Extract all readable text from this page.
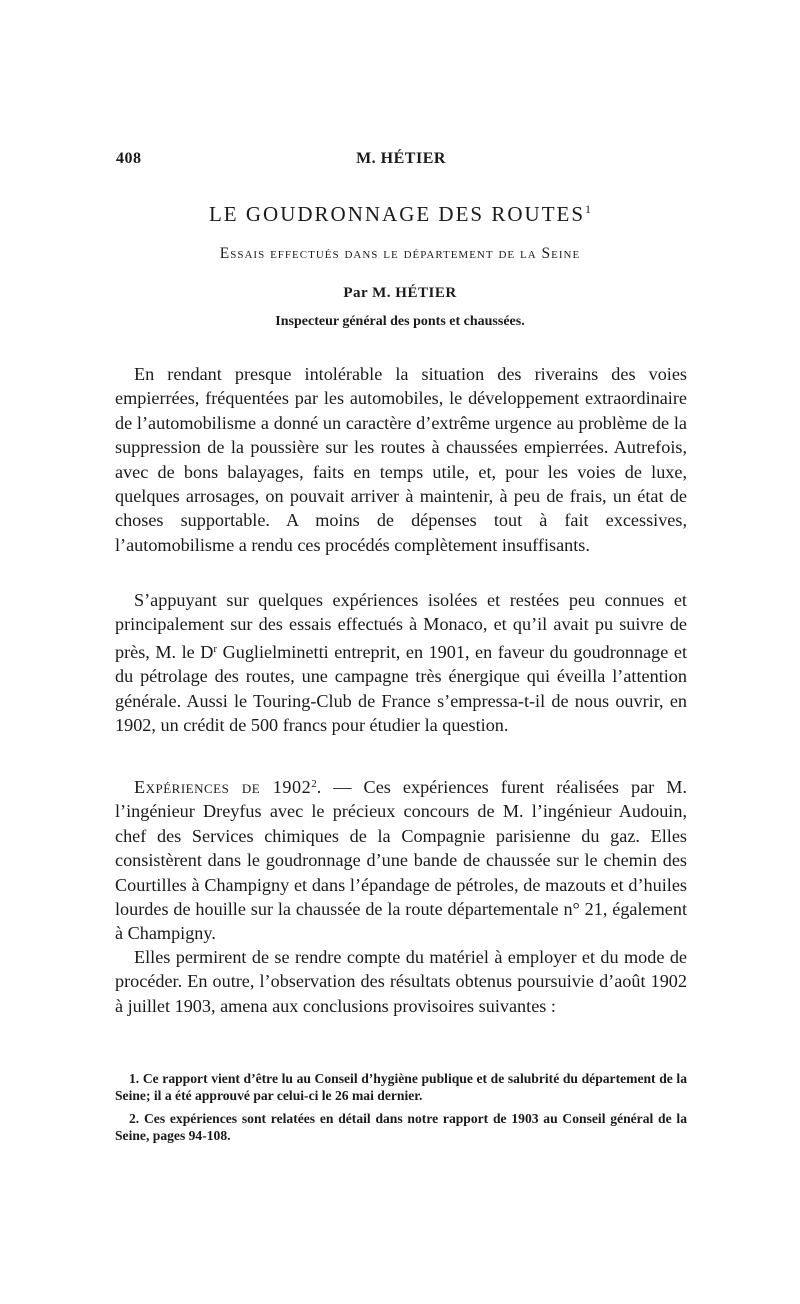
408	M. HÉTIER
LE GOUDRONNAGE DES ROUTES$^1$
Essais effectués dans le département de la Seine
Par M. HÉTIER
Inspecteur général des ponts et chaussées.

En rendant presque intolérable la situation des riverains des voies empierrées, fréquentées par les automobiles, le développement extraordinaire de l’automobilisme a donné un caractère d’extrême urgence au problème de la suppression de la poussière sur les routes à chaussées empierrées. Autrefois, avec de bons balayages, faits en temps utile, et, pour les voies de luxe, quelques arrosages, on pouvait arriver à maintenir, à peu de frais, un état de choses supportable. A moins de dépenses tout à fait excessives, l’automobilisme a rendu ces procédés complètement insuffisants.

S’appuyant sur quelques expériences isolées et restées peu connues et principalement sur des essais effectués à Monaco, et qu’il avait pu suivre de près, M. le $D^r$ Guglielminetti entreprit, en 1901, en faveur du goudronnage et du pétrolage des routes, une campagne très énergique qui éveilla l’attention générale. Aussi le Touring-Club de France s’empressa-t-il de nous ouvrir, en 1902, un crédit de 500 francs pour étudier la question.

Expériences de 1902$^2$. — Ces expériences furent réalisées par M. l’ingénieur Dreyfus avec le précieux concours de M. l’ingénieur Audouin, chef des Services chimiques de la Compagnie parisienne du gaz. Elles consistèrent dans le goudronnage d’une bande de chaussée sur le chemin des Courtilles à Champigny et dans l’épandage de pétroles, de mazouts et d’huiles lourdes de houille sur la chaussée de la route départementale n° 21, également à Champigny.

Elles permirent de se rendre compte du matériel à employer et du mode de procéder. En outre, l’observation des résultats obtenus poursuivie d’août 1902 à juillet 1903, amena aux conclusions provisoires suivantes :

1. Ce rapport vient d’être lu au Conseil d’hygiène publique et de salubrité du département de la Seine; il a été approuvé par celui-ci le 26 mai dernier.

2. Ces expériences sont relatées en détail dans notre rapport de 1903 au Conseil général de la Seine, pages 94-108.
